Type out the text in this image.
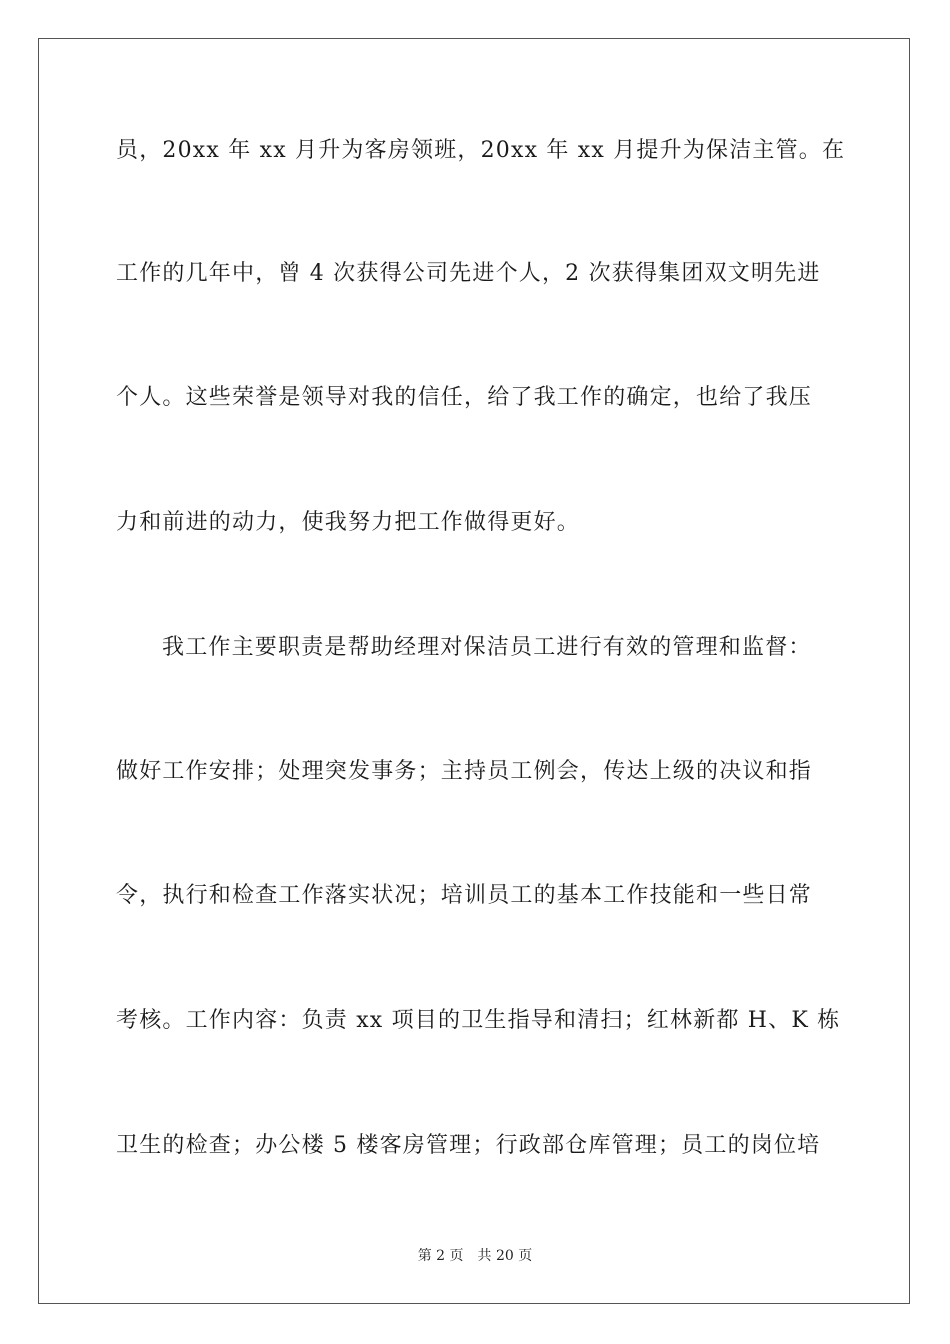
员，20xx 年 xx 月升为客房领班，20xx 年 xx 月提升为保洁主管。在
工作的几年中，曾 4 次获得公司先进个人，2 次获得集团双文明先进
个人。这些荣誉是领导对我的信任，给了我工作的确定，也给了我压
力和前进的动力，使我努力把工作做得更好。
我工作主要职责是帮助经理对保洁员工进行有效的管理和监督：
做好工作安排；处理突发事务；主持员工例会，传达上级的决议和指
令，执行和检查工作落实状况；培训员工的基本工作技能和一些日常
考核。工作内容：负责 xx 项目的卫生指导和清扫；红林新都 H、K 栋
卫生的检查；办公楼 5 楼客房管理；行政部仓库管理；员工的岗位培
第 2 页 共 20 页
